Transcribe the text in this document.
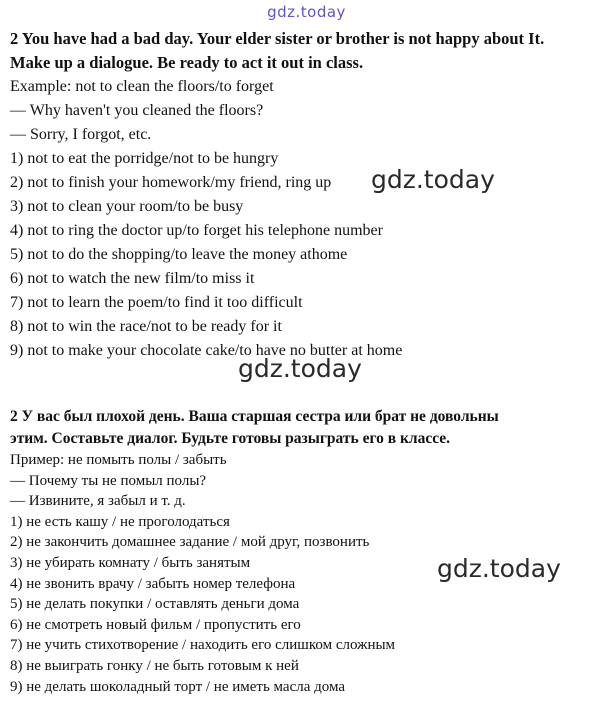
gdz.today
2 You have had a bad day. Your elder sister or brother is not happy about It.
Make up a dialogue. Be ready to act it out in class.
Example: not to clean the floors/to forget
— Why haven't you cleaned the floors?
— Sorry, I forgot, etc.
1) not to eat the porridge/not to be hungry
2) not to finish your homework/my friend, ring up
3) not to clean your room/to be busy
4) not to ring the doctor up/to forget his telephone number
5) not to do the shopping/to leave the money athome
6) not to watch the new film/to miss it
7) not to learn the poem/to find it too difficult
8) not to win the race/not to be ready for it
9) not to make your chocolate cake/to have no butter at home
2 У вас был плохой день. Ваша старшая сестра или брат не довольны
этим. Составьте диалог. Будьте готовы разыграть его в классе.
Пример: не помыть полы / забыть
— Почему ты не помыл полы?
— Извините, я забыл и т. д.
1) не есть кашу / не проголодаться
2) не закончить домашнее задание / мой друг, позвонить
3) не убирать комнату / быть занятым
4) не звонить врачу / забыть номер телефона
5) не делать покупки / оставлять деньги дома
6) не смотреть новый фильм / пропустить его
7) не учить стихотворение / находить его слишком сложным
8) не выиграть гонку / не быть готовым к ней
9) не делать шоколадный торт / не иметь масла дома
gdz.today
gdz.today
gdz.today
